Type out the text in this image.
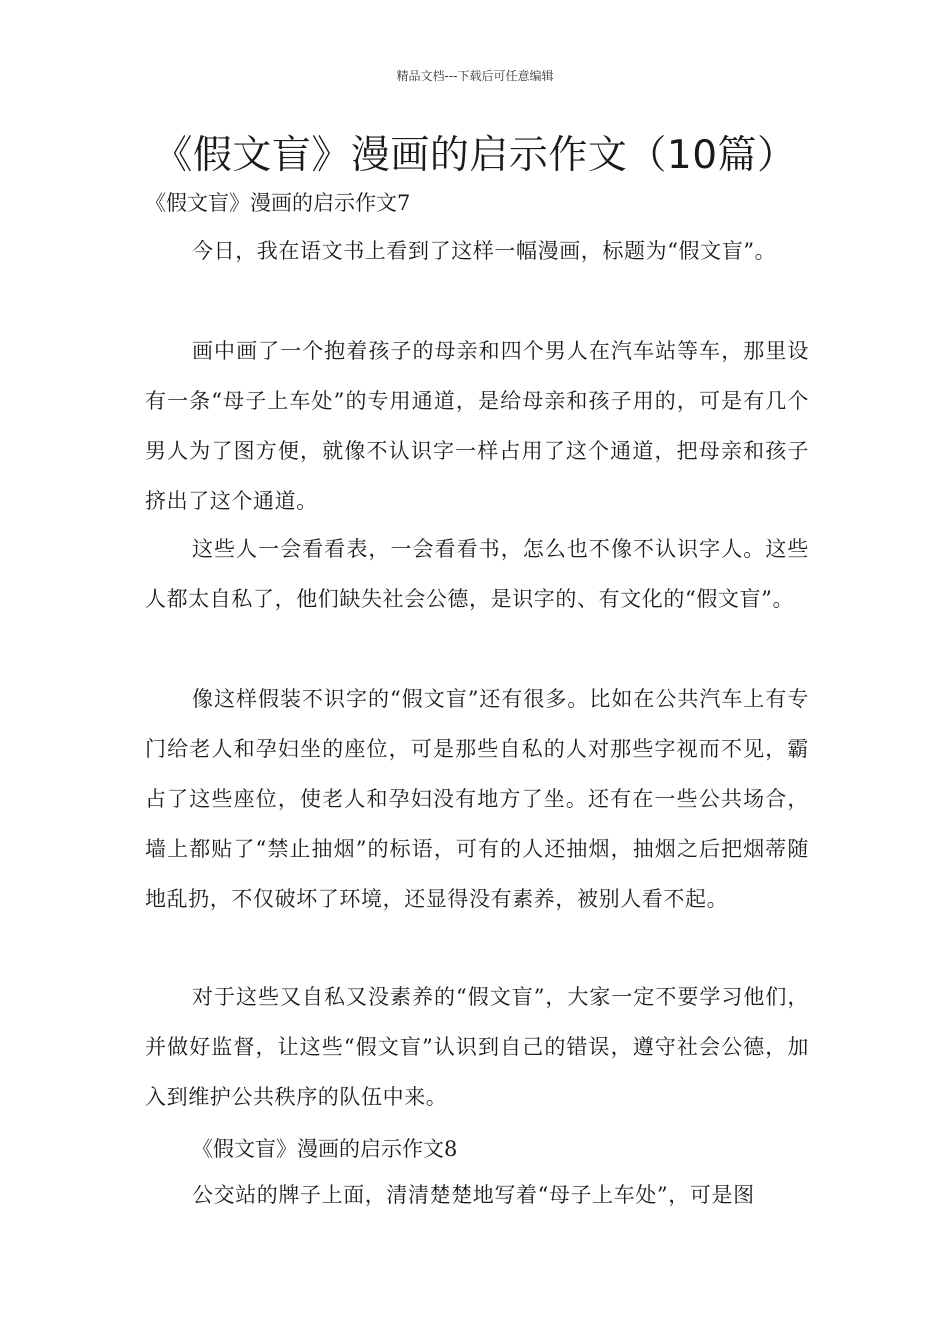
精品文档---下载后可任意编辑
《假文盲》漫画的启示作文（10篇）
《假文盲》漫画的启示作文7

今日，我在语文书上看到了这样一幅漫画，标题为“假文盲”。

画中画了一个抱着孩子的母亲和四个男人在汽车站等车，那里设有一条“母子上车处”的专用通道，是给母亲和孩子用的，可是有几个男人为了图方便，就像不认识字一样占用了这个通道，把母亲和孩子挤出了这个通道。

这些人一会看看表，一会看看书，怎么也不像不认识字人。这些人都太自私了，他们缺失社会公德，是识字的、有文化的“假文盲”。

像这样假装不识字的“假文盲”还有很多。比如在公共汽车上有专门给老人和孕妇坐的座位，可是那些自私的人对那些字视而不见，霸占了这些座位，使老人和孕妇没有地方了坐。还有在一些公共场合，墙上都贴了“禁止抽烟”的标语，可有的人还抽烟，抽烟之后把烟蒂随地乱扔，不仅破坏了环境，还显得没有素养，被别人看不起。

对于这些又自私又没素养的“假文盲”，大家一定不要学习他们，并做好监督，让这些“假文盲”认识到自己的错误，遵守社会公德，加入到维护公共秩序的队伍中来。

《假文盲》漫画的启示作文8

公交站的牌子上面，清清楚楚地写着“母子上车处”，可是图
